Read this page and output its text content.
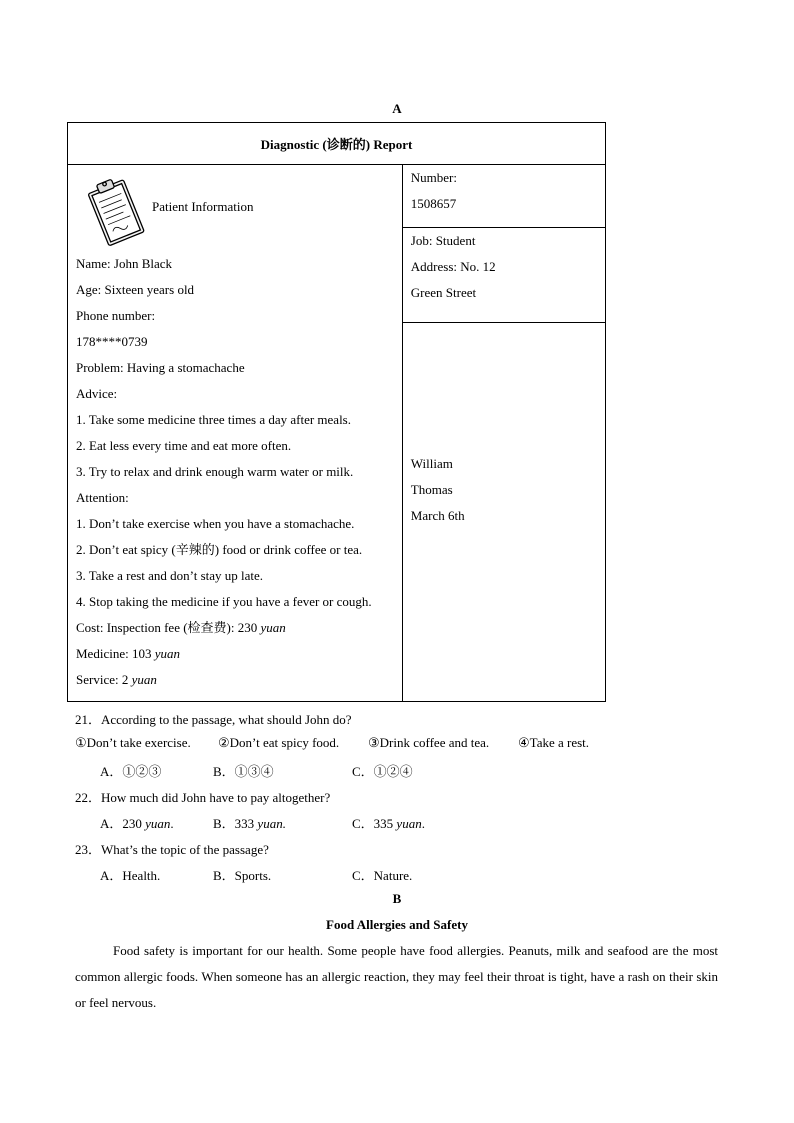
A
Diagnostic (诊断的) Report

Patient Information
Name: John Black
Age: Sixteen years old
Phone number:
178****0739
Problem: Having a stomachache
Advice:
1. Take some medicine three times a day after meals.
2. Eat less every time and eat more often.
3. Try to relax and drink enough warm water or milk.
Attention:
1. Don’t take exercise when you have a stomachache.
2. Don’t eat spicy (辛辣的) food or drink coffee or tea.
3. Take a rest and don’t stay up late.
4. Stop taking the medicine if you have a fever or cough.
Cost: Inspection fee (检查费): 230 yuan
Medicine: 103 yuan
Service: 2 yuan

Number:
1508657

Job: Student
Address: No. 12
Green Street

William
Thomas
March 6th
21．According to the passage, what should John do?
①Don’t take exercise. ②Don’t eat spicy food. ③Drink coffee and tea. ④Take a rest.
A．①②③	B．①③④	C．①②④
22．How much did John have to pay altogether?
A．230 yuan.	B．333 yuan.	C．335 yuan.
23．What’s the topic of the passage?
A．Health.	B．Sports.	C．Nature.
B
Food Allergies and Safety
Food safety is important for our health. Some people have food allergies. Peanuts, milk and seafood are the most common allergic foods. When someone has an allergic reaction, they may feel their throat is tight, have a rash on their skin or feel nervous.
